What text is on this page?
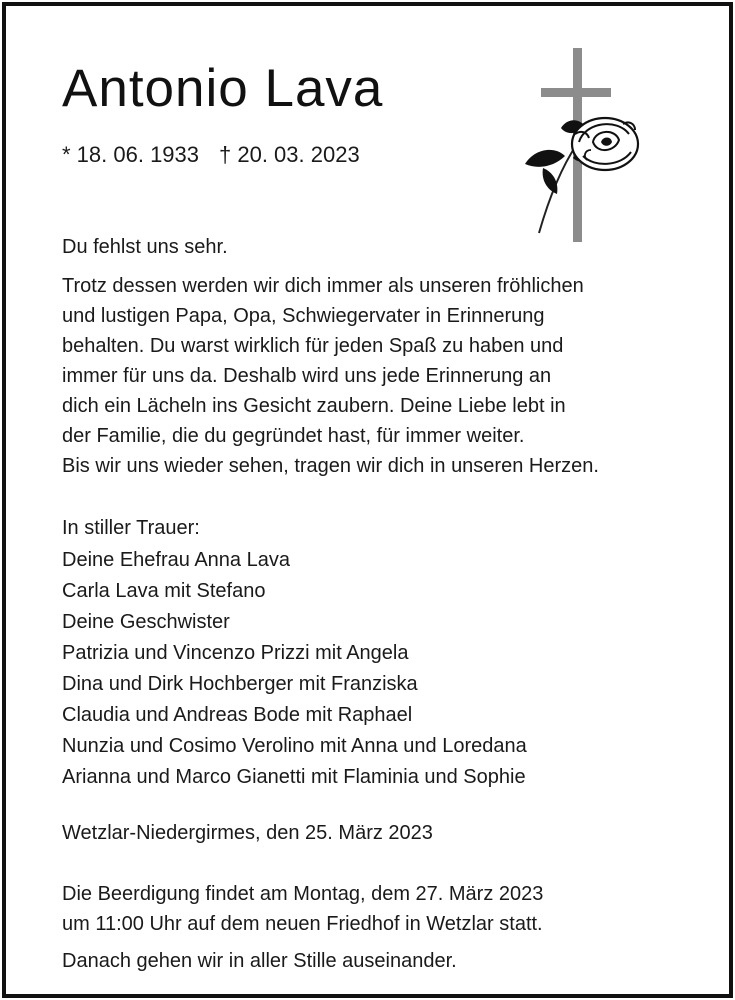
Antonio Lava
* 18. 06. 1933 † 20. 03. 2023
Du fehlst uns sehr.
Trotz dessen werden wir dich immer als unseren fröhlichen
und lustigen Papa, Opa, Schwiegervater in Erinnerung
behalten. Du warst wirklich für jeden Spaß zu haben und
immer für uns da. Deshalb wird uns jede Erinnerung an
dich ein Lächeln ins Gesicht zaubern. Deine Liebe lebt in
der Familie, die du gegründet hast, für immer weiter.
Bis wir uns wieder sehen, tragen wir dich in unseren Herzen.
In stiller Trauer:
Deine Ehefrau Anna Lava
Carla Lava mit Stefano
Deine Geschwister
Patrizia und Vincenzo Prizzi mit Angela
Dina und Dirk Hochberger mit Franziska
Claudia und Andreas Bode mit Raphael
Nunzia und Cosimo Verolino mit Anna und Loredana
Arianna und Marco Gianetti mit Flaminia und Sophie
Wetzlar-Niedergirmes, den 25. März 2023
Die Beerdigung findet am Montag, dem 27. März 2023
um 11:00 Uhr auf dem neuen Friedhof in Wetzlar statt.
Danach gehen wir in aller Stille auseinander.
